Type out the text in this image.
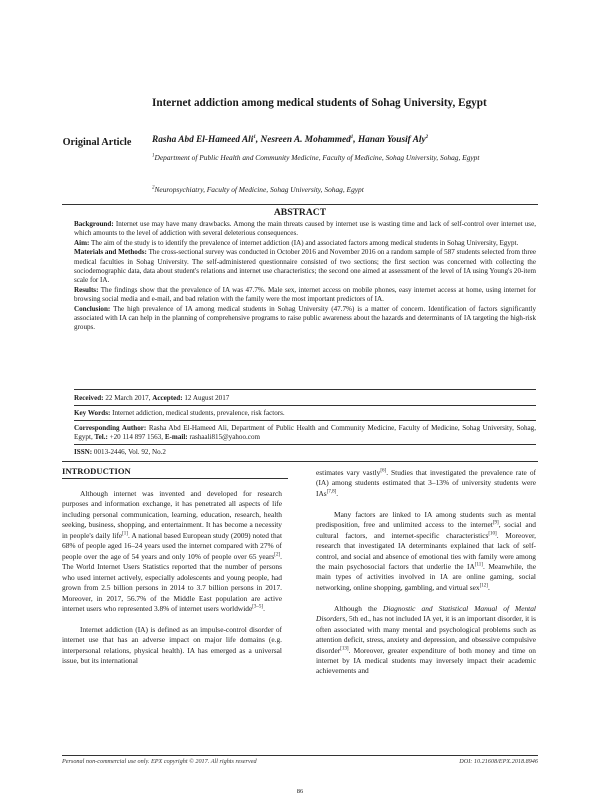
Internet addiction among medical students of Sohag University, Egypt
Original Article Rasha Abd El-Hameed Ali$^1$, Nesreen A. Mohammed$^1$, Hanan Yousif Aly$^2$
$^1$Department of Public Health and Community Medicine, Faculty of Medicine, Sohag University, Sohag, Egypt
$^2$Neuropsychiatry, Faculty of Medicine, Sohag University, Sohag, Egypt
ABSTRACT
Background: Internet use may have many drawbacks. Among the main threats caused by internet use is wasting time and lack of self-control over internet use, which amounts to the level of addiction with several deleterious consequences.
Aim: The aim of the study is to identify the prevalence of internet addiction (IA) and associated factors among medical students in Sohag University, Egypt.
Materials and Methods: The cross-sectional survey was conducted in October 2016 and November 2016 on a random sample of 587 students selected from three medical faculties in Sohag University. The self-administered questionnaire consisted of two sections; the first section was concerned with collecting the sociodemographic data, data about student's relations and internet use characteristics; the second one aimed at assessment of the level of IA using Young's 20-item scale for IA.
Results: The findings show that the prevalence of IA was 47.7%. Male sex, internet access on mobile phones, easy internet access at home, using internet for browsing social media and e-mail, and bad relation with the family were the most important predictors of IA.
Conclusion: The high prevalence of IA among medical students in Sohag University (47.7%) is a matter of concern. Identification of factors significantly associated with IA can help in the planning of comprehensive programs to raise public awareness about the hazards and determinants of IA targeting the high-risk groups.
Received: 22 March 2017, Accepted: 12 August 2017
Key Words: Internet addiction, medical students, prevalence, risk factors.
Corresponding Author: Rasha Abd El-Hameed Ali, Department of Public Health and Community Medicine, Faculty of Medicine, Sohag University, Sohag, Egypt, Tel.: +20 114 897 1563, E-mail: rashaali815@yahoo.com
ISSN: 0013-2446, Vol. 92, No.2
INTRODUCTION

Although internet was invented and developed for research purposes and information exchange, it has penetrated all aspects of life including personal communication, learning, education, research, health seeking, business, shopping, and entertainment. It has become a necessity in people's daily life[1]. A national based European study (2009) noted that 68% of people aged 16–24 years used the internet compared with 27% of people over the age of 54 years and only 10% of people over 65 years[2]. The World Internet Users Statistics reported that the number of persons who used internet actively, especially adolescents and young people, had grown from 2.5 billion persons in 2014 to 3.7 billion persons in 2017. Moreover, in 2017, 56.7% of the Middle East population are active internet users who represented 3.8% of internet users worldwide[3–5].

Internet addiction (IA) is defined as an impulse-control disorder of internet use that has an adverse impact on major life domains (e.g. interpersonal relations, physical health). IA has emerged as a universal issue, but its international

estimates vary vastly[6]. Studies that investigated the prevalence rate of (IA) among students estimated that 3–13% of university students were IAs[7,8].

Many factors are linked to IA among students such as mental predisposition, free and unlimited access to the internet[9], social and cultural factors, and internet-specific characteristics[10]. Moreover, research that investigated IA determinants explained that lack of self-control, and social and absence of emotional ties with family were among the main psychosocial factors that underlie the IA[11]. Meanwhile, the main types of activities involved in IA are online gaming, social networking, online shopping, gambling, and virtual sex[12].

Although the Diagnostic and Statistical Manual of Mental Disorders, 5th ed., has not included IA yet, it is an important disorder, it is often associated with many mental and psychological problems such as attention deficit, stress, anxiety and depression, and obsessive compulsive disorder[13]. Moreover, greater expenditure of both money and time on internet by IA medical students may inversely impact their academic achievements and

Personal non-commercial use only. EPX copyright © 2017. All rights reserved	DOI: 10.21608/EPX.2018.8946
86
